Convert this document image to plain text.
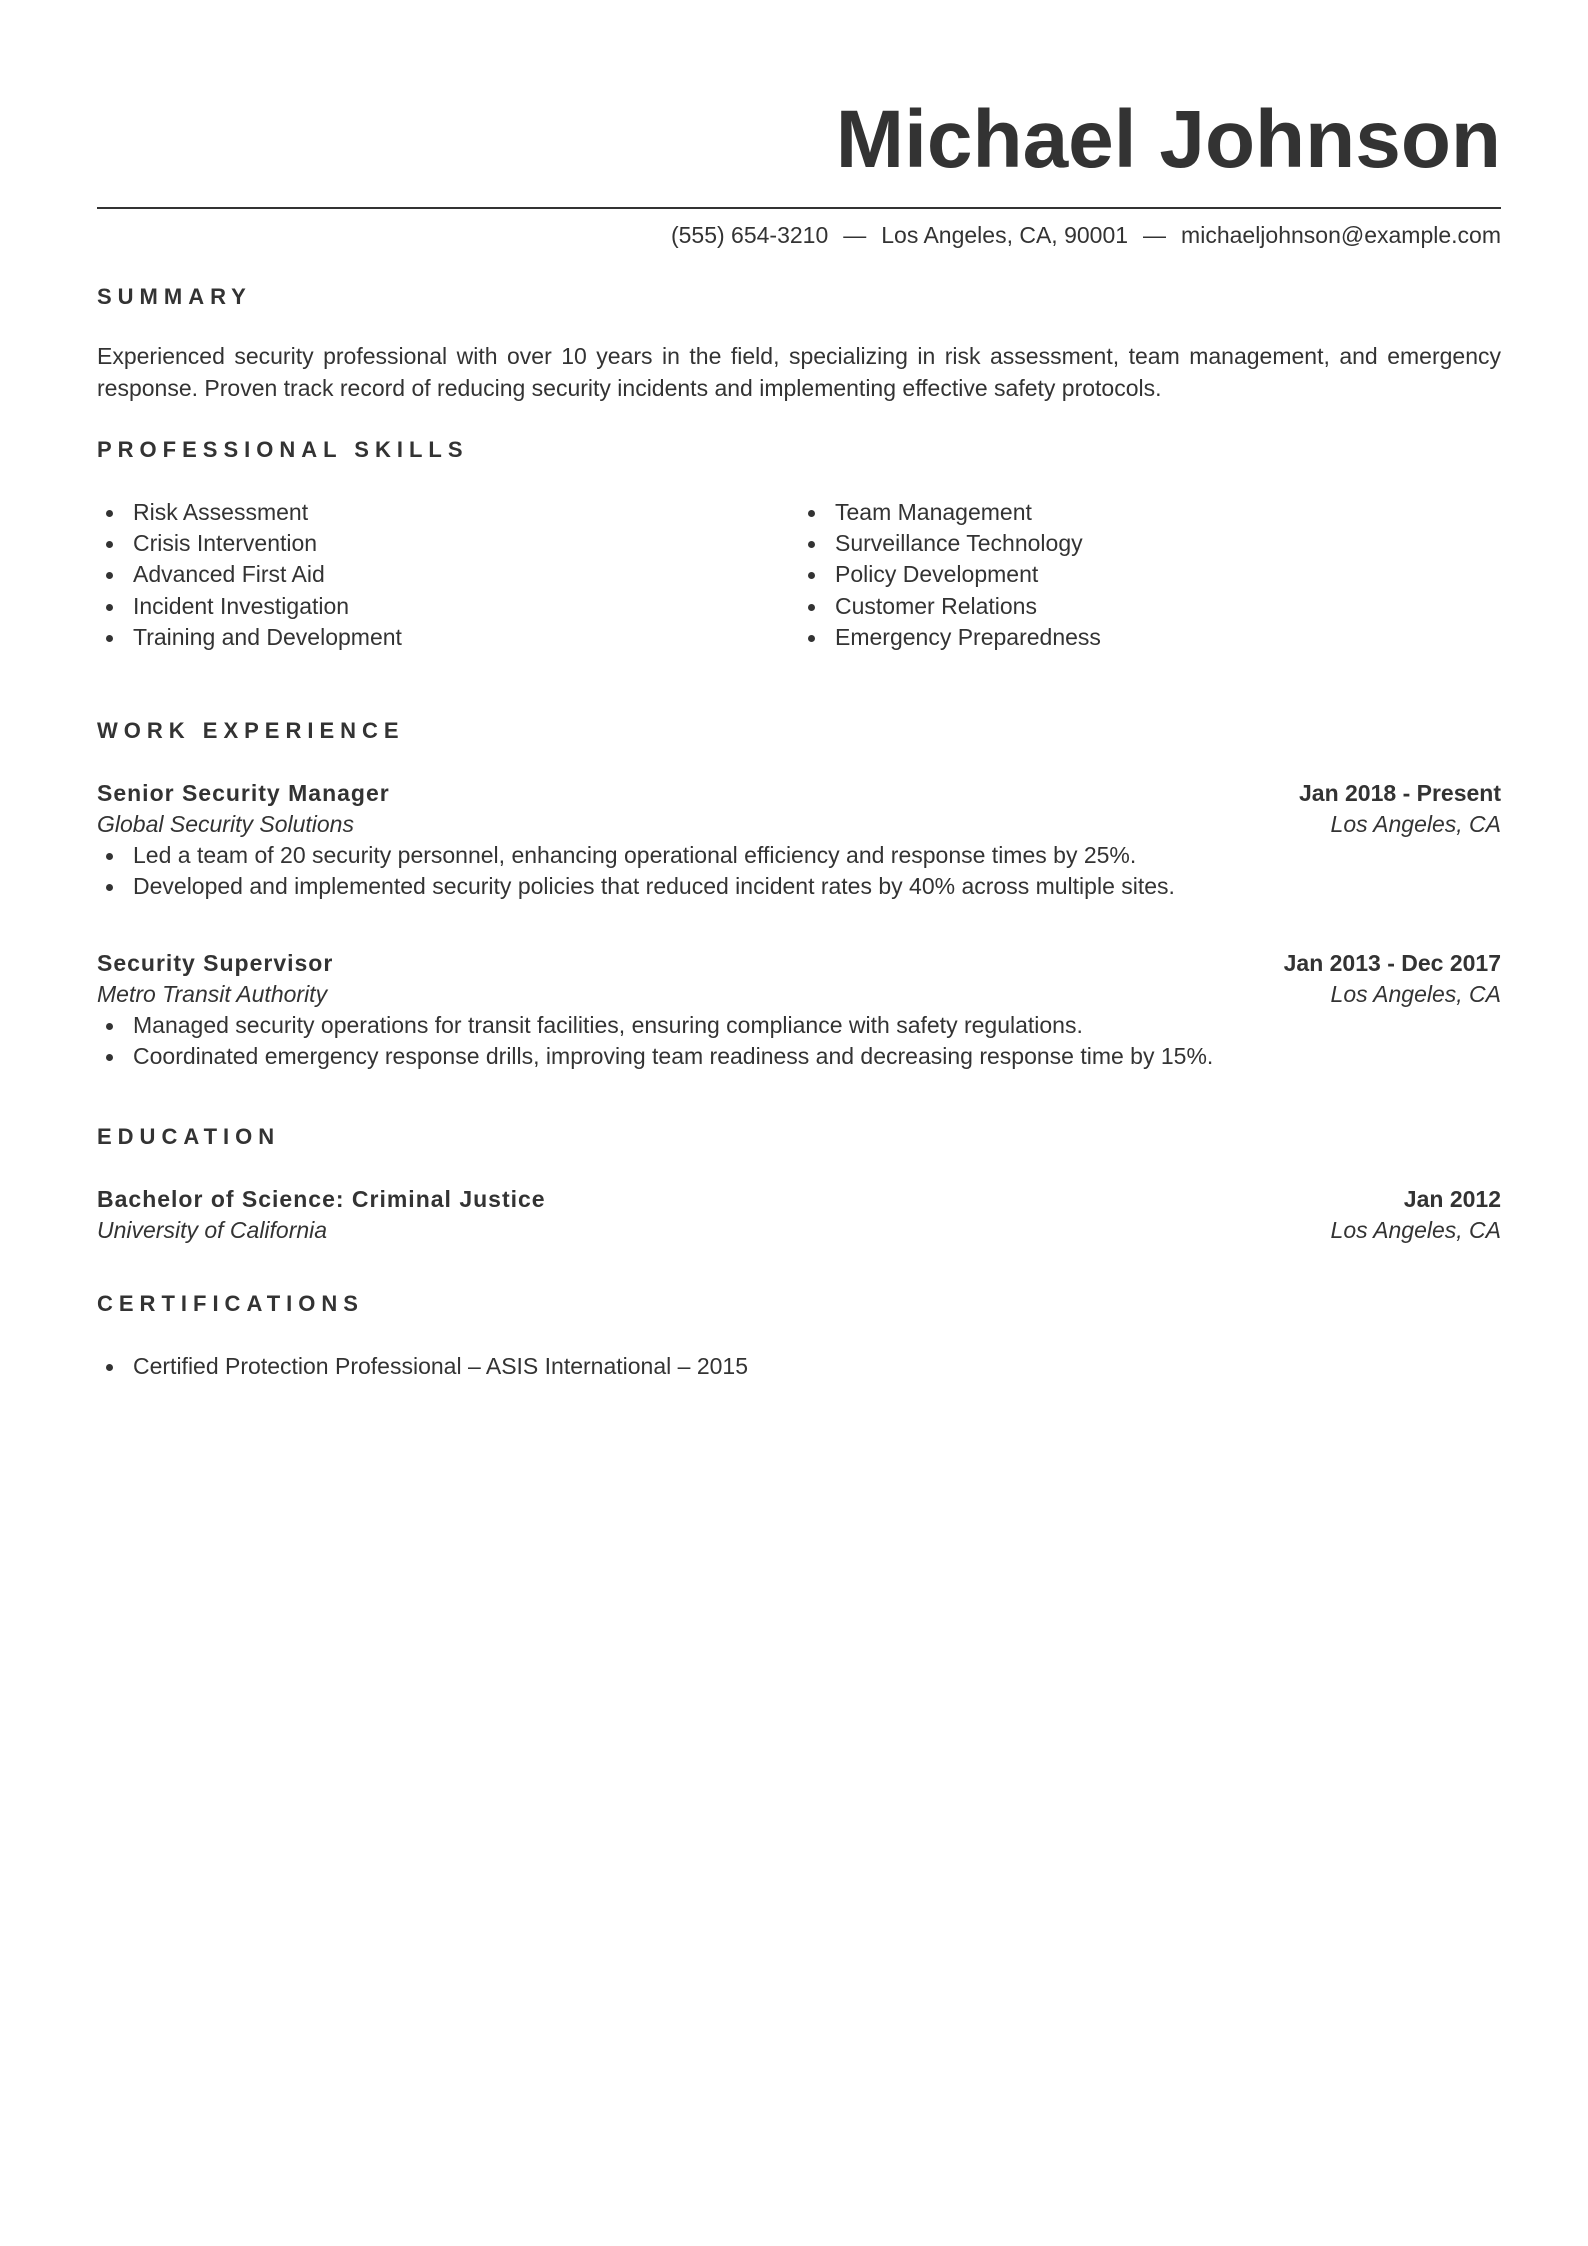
Michael Johnson
(555) 654-3210 — Los Angeles, CA, 90001 — michaeljohnson@example.com
SUMMARY

Experienced security professional with over 10 years in the field, specializing in risk assessment, team management, and emergency response. Proven track record of reducing security incidents and implementing effective safety protocols.

PROFESSIONAL SKILLS
Risk Assessment
Crisis Intervention
Advanced First Aid
Incident Investigation
Training and Development
Team Management
Surveillance Technology
Policy Development
Customer Relations
Emergency Preparedness
WORK EXPERIENCE
Senior Security Manager	Jan 2018 - Present
Global Security Solutions	Los Angeles, CA
Led a team of 20 security personnel, enhancing operational efficiency and response times by 25%.
Developed and implemented security policies that reduced incident rates by 40% across multiple sites.
Security Supervisor	Jan 2013 - Dec 2017
Metro Transit Authority	Los Angeles, CA
Managed security operations for transit facilities, ensuring compliance with safety regulations.
Coordinated emergency response drills, improving team readiness and decreasing response time by 15%.
EDUCATION
Bachelor of Science: Criminal Justice	Jan 2012
University of California	Los Angeles, CA
CERTIFICATIONS
Certified Protection Professional – ASIS International – 2015
